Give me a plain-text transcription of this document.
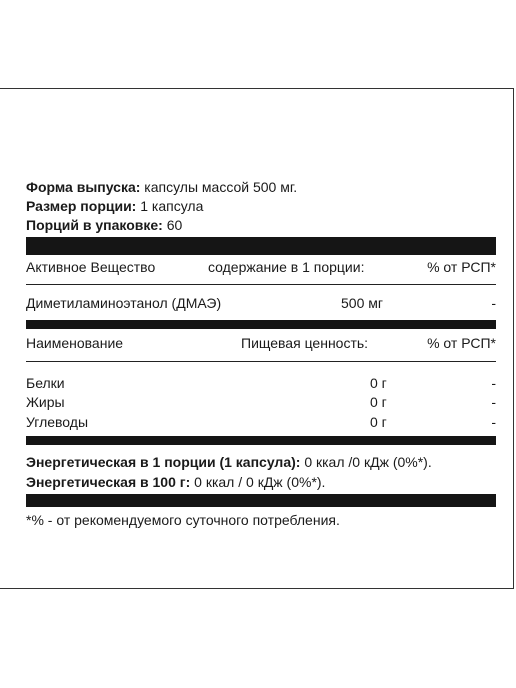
Форма выпуска: капсулы массой 500 мг.
Размер порции: 1 капсула
Порций в упаковке: 60
Активное Вещество	содержание в 1 порции:	% от РСП*
Диметиламиноэтанол (ДМАЭ)	500 мг	-
Наименование	Пищевая ценность:	% от РСП*
Белки	0 г	-
Жиры	0 г	-
Углеводы	0 г	-
Энергетическая в 1 порции (1 капсула): 0 ккал /0 кДж (0%*).
Энергетическая в 100 г: 0 ккал / 0 кДж (0%*).
*% - от рекомендуемого суточного потребления.
